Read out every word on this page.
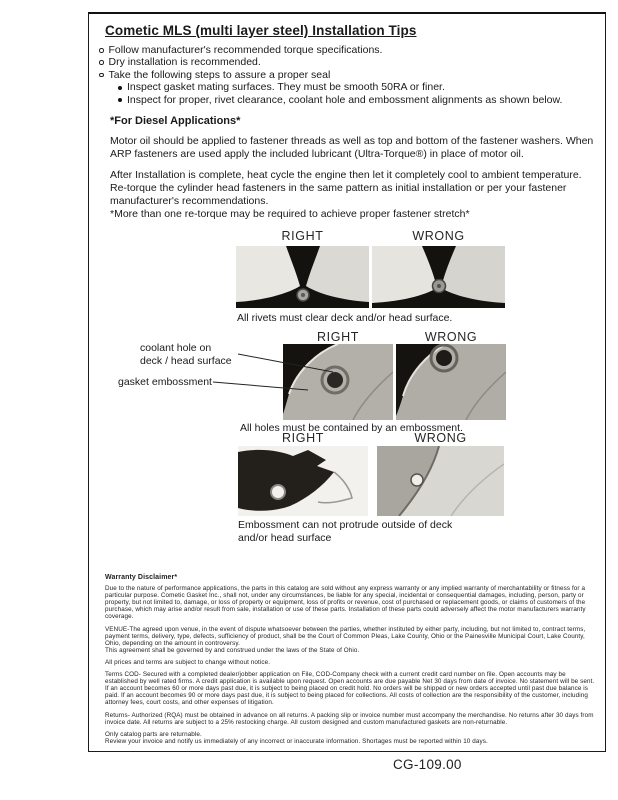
Cometic MLS (multi layer steel) Installation Tips
Follow manufacturer's recommended torque specifications.
Dry installation is recommended.
Take the following steps to assure a proper seal
Inspect gasket mating surfaces. They must be smooth 50RA or finer.
Inspect for proper, rivet clearance, coolant hole and embossment alignments as shown below.
*For Diesel Applications*
Motor oil should be applied to fastener threads as well as top and bottom of the fastener washers. When ARP fasteners are used apply the included lubricant (Ultra-Torque®) in place of motor oil.
After Installation is complete, heat cycle the engine then let it completely cool to ambient temperature. Re-torque the cylinder head fasteners in the same pattern as initial installation or per your fastener manufacturer's recommendations.
*More than one re-torque may be required to achieve proper fastener stretch*
RIGHT	WRONG
All rivets must clear deck and/or head surface.
RIGHT	WRONG
coolant hole on
deck / head surface
gasket embossment
All holes must be contained by an embossment.
RIGHT	WRONG
Embossment can not protrude outside of deck
and/or head surface
Warranty Disclaimer*

Due to the nature of performance applications, the parts in this catalog are sold without any express warranty or any implied warranty of merchantability or fitness for a particular purpose. Cometic Gasket Inc., shall not, under any circumstances, be liable for any special, incidental or consequential damages, including, person, party or property, but not limited to, damage, or loss of property or equipment, loss of profits or revenue, cost of purchased or replacement goods, or claims of customers of the purchase, which may arise and/or result from sale, installation or use of these parts. Installation of these parts could adversely affect the motor manufacturers warranty coverage.

VENUE-The agreed upon venue, in the event of dispute whatsoever between the parties, whether instituted by either party, including, but not limited to, contract terms, payment terms, delivery, type, defects, sufficiency of product, shall be the Court of Common Pleas, Lake County, Ohio or the Painesville Municipal Court, Lake County, Ohio, depending on the amount in controversy.

This agreement shall be governed by and construed under the laws of the State of Ohio.

All prices and terms are subject to change without notice.

Terms COD- Secured with a completed dealer/jobber application on File, COD-Company check with a current credit card number on file. Open accounts may be established by well rated firms. A credit application is available upon request. Open accounts are due payable Net 30 days from date of invoice. No statement will be sent. If an account becomes 60 or more days past due, it is subject to being placed on credit hold. No orders will be shipped or new orders accepted until past due balance is paid. If an account becomes 90 or more days past due, it is subject to being placed for collections. All costs of collection are the responsibility of the customer, including attorney fees, court costs, and other expenses of litigation.

Returns- Authorized (RQA) must be obtained in advance on all returns. A packing slip or invoice number must accompany the merchandise. No returns after 30 days from invoice date. All returns are subject to a 25% restocking charge. All custom designed and custom manufactured gaskets are non-returnable.

Only catalog parts are returnable.

Review your invoice and notify us immediately of any incorrect or inaccurate information. Shortages must be reported within 10 days.

CG-109.00
